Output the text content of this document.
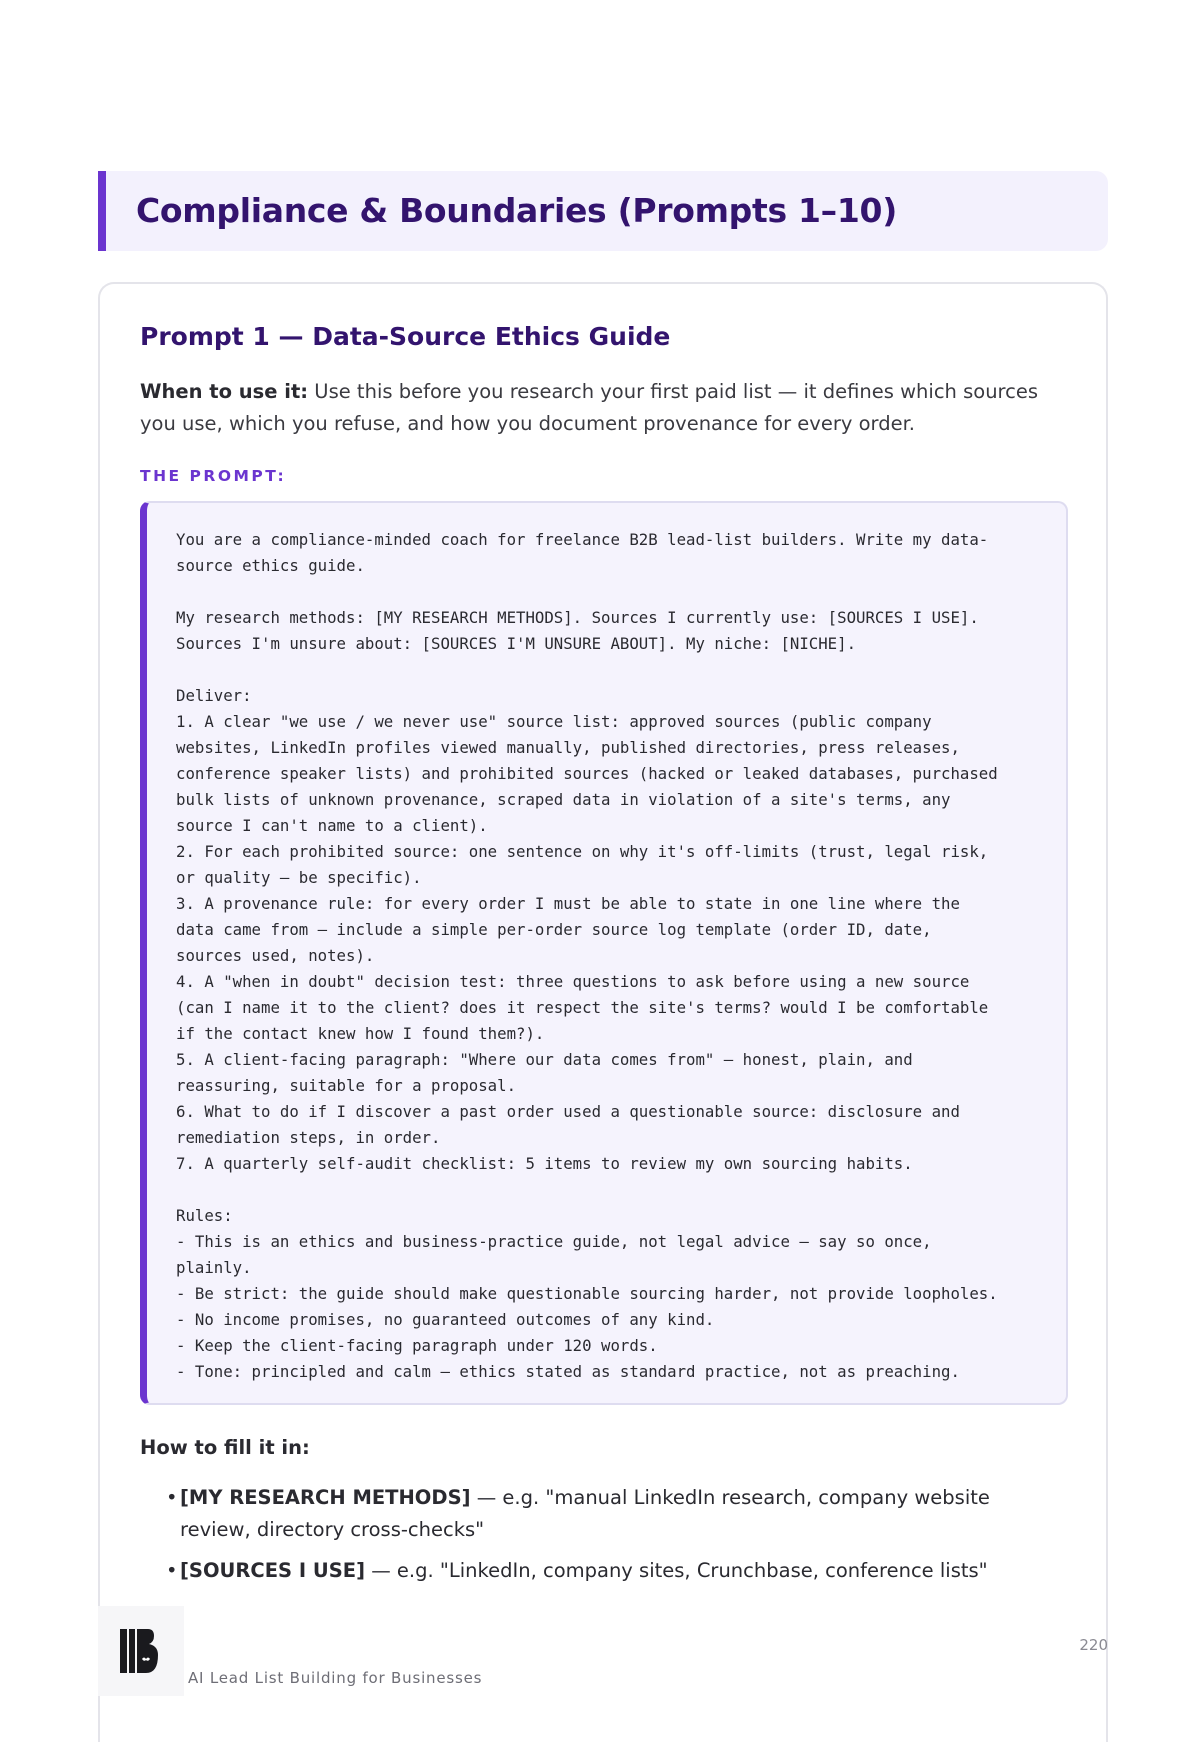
Compliance & Boundaries (Prompts 1–10)
Prompt 1 — Data-Source Ethics Guide

When to use it: Use this before you research your first paid list — it defines which sources you use, which you refuse, and how you document provenance for every order.

THE PROMPT:
You are a compliance-minded coach for freelance B2B lead-list builders. Write my data-
source ethics guide.

My research methods: [MY RESEARCH METHODS]. Sources I currently use: [SOURCES I USE].
Sources I'm unsure about: [SOURCES I'M UNSURE ABOUT]. My niche: [NICHE].

Deliver:
1. A clear "we use / we never use" source list: approved sources (public company
websites, LinkedIn profiles viewed manually, published directories, press releases,
conference speaker lists) and prohibited sources (hacked or leaked databases, purchased
bulk lists of unknown provenance, scraped data in violation of a site's terms, any
source I can't name to a client).
2. For each prohibited source: one sentence on why it's off-limits (trust, legal risk,
or quality — be specific).
3. A provenance rule: for every order I must be able to state in one line where the
data came from — include a simple per-order source log template (order ID, date,
sources used, notes).
4. A "when in doubt" decision test: three questions to ask before using a new source
(can I name it to the client? does it respect the site's terms? would I be comfortable
if the contact knew how I found them?).
5. A client-facing paragraph: "Where our data comes from" — honest, plain, and
reassuring, suitable for a proposal.
6. What to do if I discover a past order used a questionable source: disclosure and
remediation steps, in order.
7. A quarterly self-audit checklist: 5 items to review my own sourcing habits.

Rules:
- This is an ethics and business-practice guide, not legal advice — say so once,
plainly.
- Be strict: the guide should make questionable sourcing harder, not provide loopholes.
- No income promises, no guaranteed outcomes of any kind.
- Keep the client-facing paragraph under 120 words.
- Tone: principled and calm — ethics stated as standard practice, not as preaching.
How to fill it in:
• [MY RESEARCH METHODS] — e.g. "manual LinkedIn research, company website review, directory cross-checks"
• [SOURCES I USE] — e.g. "LinkedIn, company sites, Crunchbase, conference lists"
AI Lead List Building for Businesses
220
